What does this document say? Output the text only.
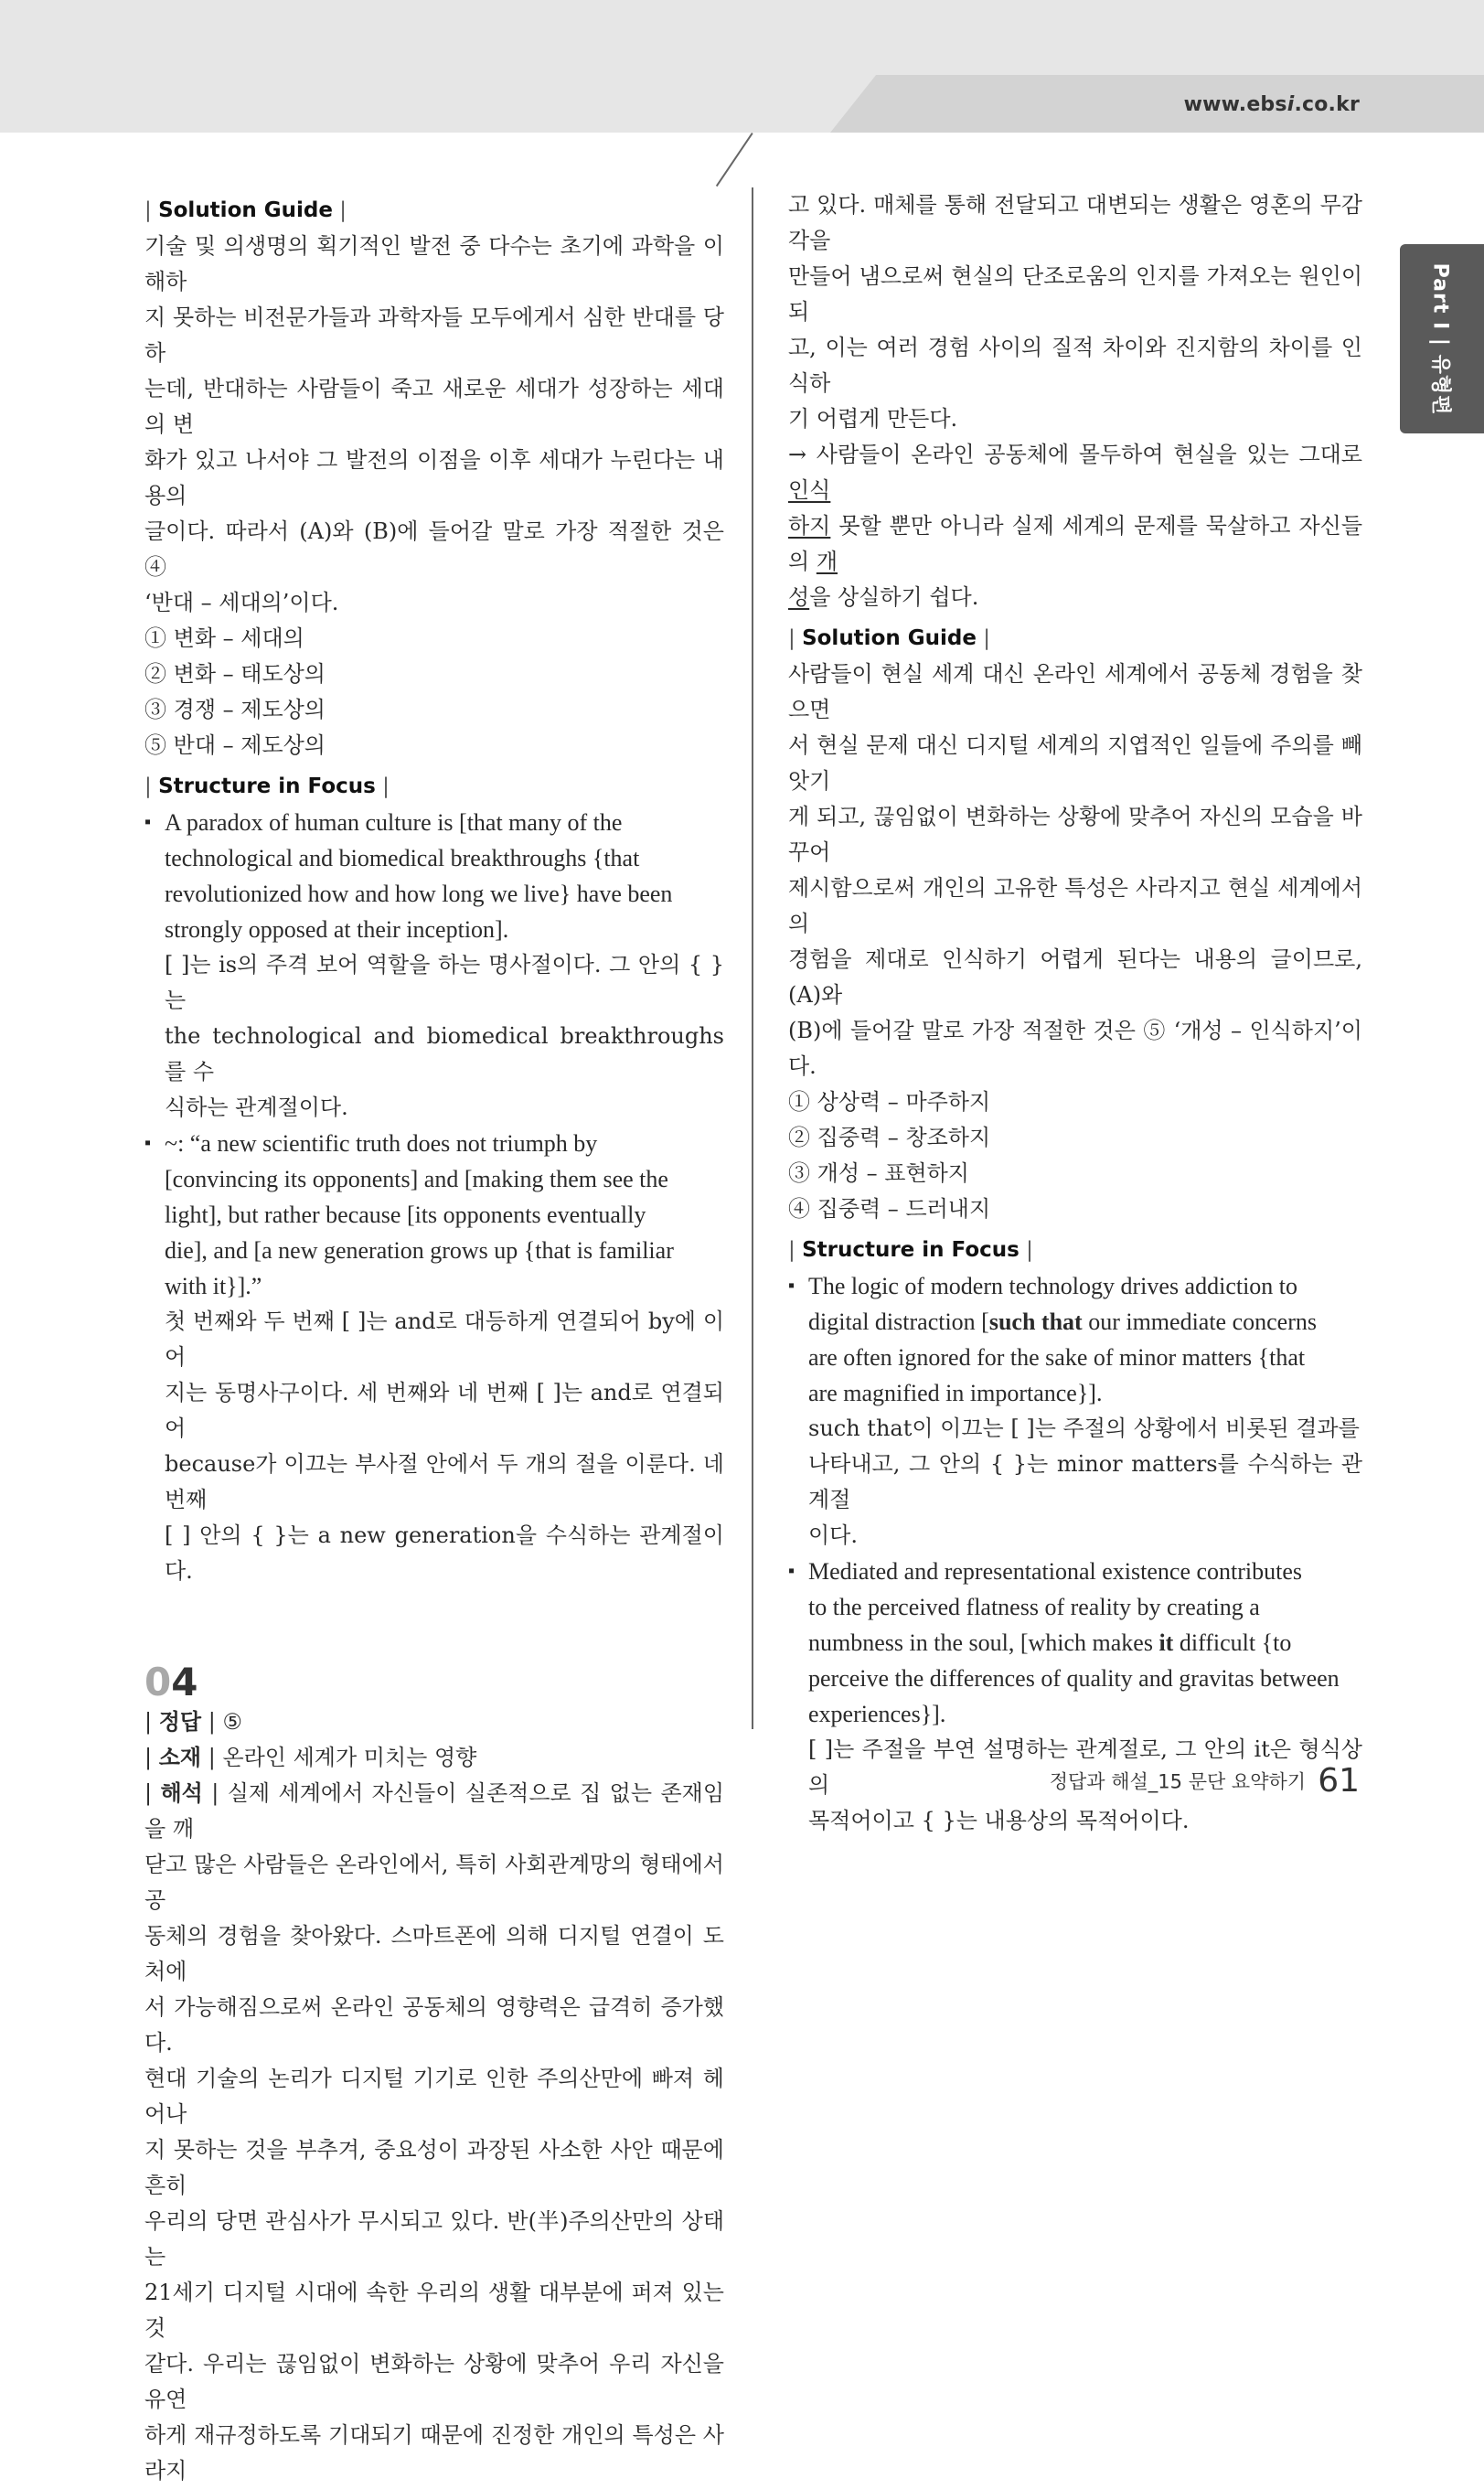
www.ebsi.co.kr
Part I | 유형편
| Solution Guide |

기술 및 의생명의 획기적인 발전 중 다수는 초기에 과학을 이해하

지 못하는 비전문가들과 과학자들 모두에게서 심한 반대를 당하

는데, 반대하는 사람들이 죽고 새로운 세대가 성장하는 세대의 변

화가 있고 나서야 그 발전의 이점을 이후 세대가 누린다는 내용의

글이다. 따라서 (A)와 (B)에 들어갈 말로 가장 적절한 것은 ④

‘반대 – 세대의’이다.

① 변화 – 세대의

② 변화 – 태도상의

③ 경쟁 – 제도상의

⑤ 반대 – 제도상의

| Structure in Focus |

▪ A paradox of human culture is [that many of the

technological and biomedical breakthroughs {that

revolutionized how and how long we live} have been

strongly opposed at their inception].

[ ]는 is의 주격 보어 역할을 하는 명사절이다. 그 안의 { }는

the technological and biomedical breakthroughs를 수

식하는 관계절이다.

▪ ~: “a new scientific truth does not triumph by

[convincing its opponents] and [making them see the

light], but rather because [its opponents eventually

die], and [a new generation grows up {that is familiar

with it}].”

첫 번째와 두 번째 [ ]는 and로 대등하게 연결되어 by에 이어

지는 동명사구이다. 세 번째와 네 번째 [ ]는 and로 연결되어

because가 이끄는 부사절 안에서 두 개의 절을 이룬다. 네 번째

[ ] 안의 { }는 a new generation을 수식하는 관계절이다.

04

| 정답 | ⑤

| 소재 | 온라인 세계가 미치는 영향

| 해석 | 실제 세계에서 자신들이 실존적으로 집 없는 존재임을 깨

닫고 많은 사람들은 온라인에서, 특히 사회관계망의 형태에서 공

동체의 경험을 찾아왔다. 스마트폰에 의해 디지털 연결이 도처에

서 가능해짐으로써 온라인 공동체의 영향력은 급격히 증가했다.

현대 기술의 논리가 디지털 기기로 인한 주의산만에 빠져 헤어나

지 못하는 것을 부추겨, 중요성이 과장된 사소한 사안 때문에 흔히

우리의 당면 관심사가 무시되고 있다. 반(半)주의산만의 상태는

21세기 디지털 시대에 속한 우리의 생활 대부분에 퍼져 있는 것

같다. 우리는 끊임없이 변화하는 상황에 맞추어 우리 자신을 유연

하게 재규정하도록 기대되기 때문에 진정한 개인의 특성은 사라지

고 있다. 매체를 통해 전달되고 대변되는 생활은 영혼의 무감각을

만들어 냄으로써 현실의 단조로움의 인지를 가져오는 원인이 되

고, 이는 여러 경험 사이의 질적 차이와 진지함의 차이를 인식하

기 어렵게 만든다.

→ 사람들이 온라인 공동체에 몰두하여 현실을 있는 그대로 인식

하지 못할 뿐만 아니라 실제 세계의 문제를 묵살하고 자신들의 개

성을 상실하기 쉽다.

| Solution Guide |

사람들이 현실 세계 대신 온라인 세계에서 공동체 경험을 찾으면

서 현실 문제 대신 디지털 세계의 지엽적인 일들에 주의를 빼앗기

게 되고, 끊임없이 변화하는 상황에 맞추어 자신의 모습을 바꾸어

제시함으로써 개인의 고유한 특성은 사라지고 현실 세계에서의

경험을 제대로 인식하기 어렵게 된다는 내용의 글이므로, (A)와

(B)에 들어갈 말로 가장 적절한 것은 ⑤ ‘개성 – 인식하지’이다.

① 상상력 – 마주하지

② 집중력 – 창조하지

③ 개성 – 표현하지

④ 집중력 – 드러내지

| Structure in Focus |

▪ The logic of modern technology drives addiction to

digital distraction [such that our immediate concerns

are often ignored for the sake of minor matters {that

are magnified in importance}].

such that이 이끄는 [ ]는 주절의 상황에서 비롯된 결과를

나타내고, 그 안의 { }는 minor matters를 수식하는 관계절

이다.

▪ Mediated and representational existence contributes

to the perceived flatness of reality by creating a

numbness in the soul, [which makes it difficult {to

perceive the differences of quality and gravitas between

experiences}].

[ ]는 주절을 부연 설명하는 관계절로, 그 안의 it은 형식상의

목적어이고 { }는 내용상의 목적어이다.

정답과 해설_15 문단 요약하기 61
